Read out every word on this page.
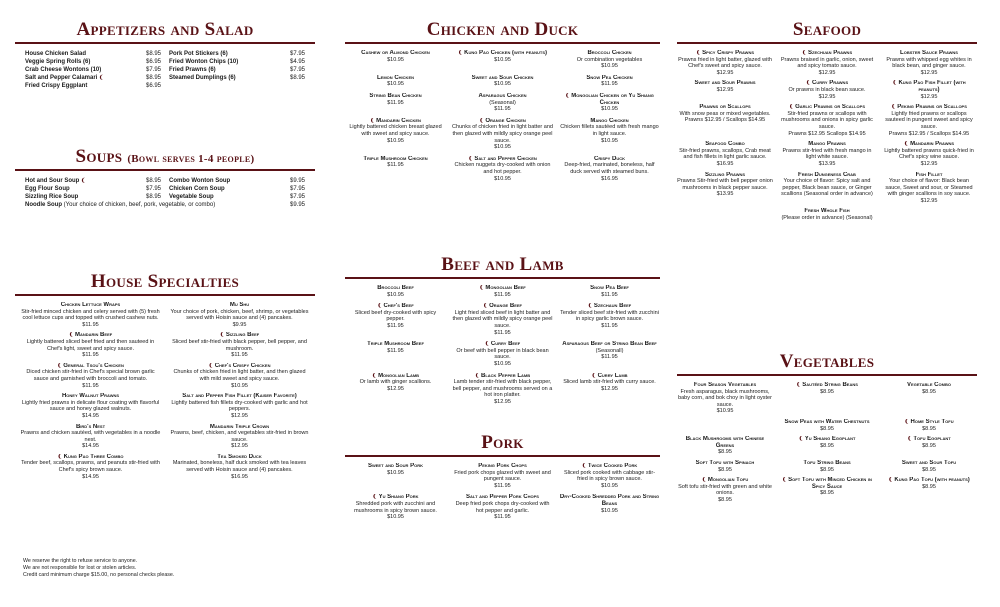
Appetizers and Salad
House Chicken Salad	$8.95
Veggie Spring Rolls (6)	$6.95
Crab Cheese Wontons (10)	$7.95
Salt and Pepper Calamari ❨	$8.95
Fried Crispy Eggplant	$6.95
Pork Pot Stickers (6)	$7.95
Fried Wonton Chips (10)	$4.95
Fried Prawns (6)	$7.95
Steamed Dumplings (6)	$8.95
Soups (Bowl serves 1-4 people)
Hot and Sour Soup ❨	$8.95
Egg Flour Soup	$7.95
Sizzling Rice Soup	$8.95
Combo Wonton Soup	$9.95
Chicken Corn Soup	$7.95
Vegetable Soup	$7.95
Noodle Soup (Your choice of chicken, beef, pork, vegetable, or combo)	$9.95
House Specialties
Chicken Lettuce Wraps
Stir-fried minced chicken and celery served with (5) fresh cool lettuce cups and topped with crushed cashew nuts.
$11.95
Mu Shu
Your choice of pork, chicken, beef, shrimp, or vegetables served with Hoisin sauce and (4) pancakes.
$9.95
❨ Mandarin Beef
Lightly battered sliced beef fried and then sauteed in Chef's light, sweet and spicy sauce.
$11.95
❨ Sizzling Beef
Sliced beef stir-fried with black pepper, bell pepper, and mushroom.
$11.95
❨ General Tsou's Chicken
Diced chicken stir-fried in Chef's special brown garlic sauce and garnished with broccoli and tomato.
$11.95
❨ Chef's Crispy Chicken
Chunks of chicken fried in light batter, and then glazed with mild sweet and spicy sauce.
$10.95
Honey Walnut Prawns
Lightly fried prawns in delicate flour coating with flavorful sauce and honey glazed walnuts.
$14.95
Salt and Pepper Fish Fillet (Kaiser Favorite)
Lightly battered fish fillets dry-cooked with garlic and hot peppers.
$12.95
Bird's Nest
Prawns and chicken sautéed, with vegetables in a noodle nest.
$14.95
Mandarin Triple Crown
Prawns, beef, chicken, and vegetables stir-fried in brown sauce.
$12.95
❨ Kung Pao Three Combo
Tender beef, scallops, prawns, and peanuts stir-fried with Chef's spicy brown sauce.
$14.95
Tea Smoked Duck
Marinated, boneless, half duck smoked with tea leaves served with Hoisin sauce and (4) pancakes.
$16.95
We reserve the right to refuse service to anyone.
We are not responsible for lost or stolen articles.
Credit card minimum charge $15.00, no personal checks please.
Chicken and Duck
Cashew or Almond Chicken
$10.95
❨ Kung Pao Chicken (with peanuts)
$10.95
Broccoli Chicken
Or combination vegetables
$10.95
Lemon Chicken
$10.95
Sweet and Sour Chicken
$10.95
Snow Pea Chicken
$11.95
String Bean Chicken
$11.95
Asparagus Chicken
(Seasonal)
$11.95
❨ Mongolian Chicken or Yu Shiang Chicken
$10.95
❨ Mandarin Chicken
Lightly battered chicken breast glazed with sweet and spicy sauce.
$10.95
❨ Orange Chicken
Chunks of chicken fried in light batter and then glazed with mildly spicy orange peel sauce.
$10.95
Mango Chicken
Chicken fillets sautéed with fresh mango in light sauce.
$10.95
Triple Mushroom Chicken
$11.95
❨ Salt and Pepper Chicken
Chicken nuggets dry-cooked with onion and hot pepper.
$10.95
Crispy Duck
Deep-fried, marinated, boneless, half duck served with steamed buns.
$16.95
Beef and Lamb
Broccoli Beef
$10.95
❨ Mongolian Beef
$11.95
Snow Pea Beef
$11.95
❨ Chef's Beef
Sliced beef dry-cooked with spicy pepper.
$11.95
❨ Orange Beef
Light fried sliced beef in light batter and then glazed with mildly spicy orange peel sauce.
$11.95
❨ Szechaun Beef
Tender sliced beef stir-fried with zucchini in spicy garlic brown sauce.
$11.95
Triple Mushroom Beef
$11.95
❨ Curry Beef
Or beef with bell pepper in black bean sauce.
$10.95
Asparagus Beef or String Bean Beef
(Seasonall)
$11.95
❨ Mongolian Lamb
Or lamb with ginger scallions.
$12.95
❨ Black Pepper Lamb
Lamb tender stir-fried with black pepper, bell pepper, and mushrooms served on a hot iron platter.
$12.95
❨ Curry Lamb
Sliced lamb stir-fried with curry sauce.
$12.95
Pork
Sweet and Sour Pork
$10.95
Peking Pork Chops
Fried pork chops glazed with sweet and pungent sauce.
$11.95
❨ Twice Cooked Pork
Sliced pork cooked with cabbage stir-fried in spicy brown sauce.
$10.95
❨ Yu Shiang Pork
Shredded pork with zucchini and mushrooms in spicy brown sauce.
$10.95
Salt and Pepper Pork Chops
Deep fried pork chops dry-cooked with hot pepper and garlic.
$11.95
Dry-Cooked Shredded Pork and String Beans
$10.95
Seafood
❨ Spicy Crispy Prawns
Prawns fried in light batter, glazed with Chef's sweet and spicy sauce.
$12.95
❨ Szechuan Prawns
Prawns braised in garlic, onion, sweet and spicy tomato sauce.
$12.95
Lobster Sauce Prawns
Prawns with whipped egg whites in black bean, and ginger sauce.
$12.95
Sweet and Sour Prawns
$12.95
❨ Curry Prawns
Or prawns in black bean sauce.
$12.95
❨ Kung Pao Fish Fillet (with peanuts)
$12.95
Prawns or Scallops
With snow peas or mixed vegetables.
Prawns $12.95 / Scallops $14.95
❨ Garlic Prawns or Scallops
Stir-fried prawns or scallops with mushrooms and onions in spicy garlic sauce.
Prawns $12.95 Scallops $14.95
❨ Peking Prawns or Scallops
Lightly fried prawns or scallops sauteed in pungent sweet and spicy sauce.
Prawns $12.95 / Scallops $14.95
Seafood Combo
Stir-fried prawns, scallops, Crab meat and fish fillets in light garlic sauce.
$16.95
Mango Prawns
Prawns stir-fried with fresh mango in light white sauce.
$13.95
❨ Mandarin Prawns
Lightly battered prawns quick-fried in Chef's spicy wine sauce.
$12.95
Sizzling Prawns
Prawns Stir-fried with bell pepper onion mushrooms in black pepper sauce.
$13.95
Fresh Dungeness Crab
Your choice of flavor: Spicy salt and pepper, Black bean sauce, or Ginger scallions (Seasonal order in advance)
Fish Fillet
Your choice of flavor: Black bean sauce, Sweet and sour, or Steamed with ginger scallions in soy sauce.
$12.95
Fresh Whole Fish
(Please order in advance) (Seasonal)
Vegetables
Four Season Vegetables
Fresh asparagus, black mushrooms, baby corn, and bok choy in light oyster sauce.
$10.95
❨ Sautéed String Beans
$8.95
Vegetable Combo
$8.95
Snow Peas with Water Chestnuts
$8.95
❨ Home Style Tofu
$8.95
Black Mushrooms with Chinese Greens
$8.95
❨ Yu Shiang Eggplant
$8.95
❨ Tofu Eggplant
$8.95
Soft Tofu with Spinach
$8.95
Tofu String Beans
$8.95
Sweet and Sour Tofu
$8.95
❨ Mongolian Tofu
Soft tofu stir-fried with green and white onions.
$8.95
❨ Soft Tofu with Minced Chicken in Spicy Sauce
$8.95
❨ Kung Pao Tofu (with peanuts)
$8.95
